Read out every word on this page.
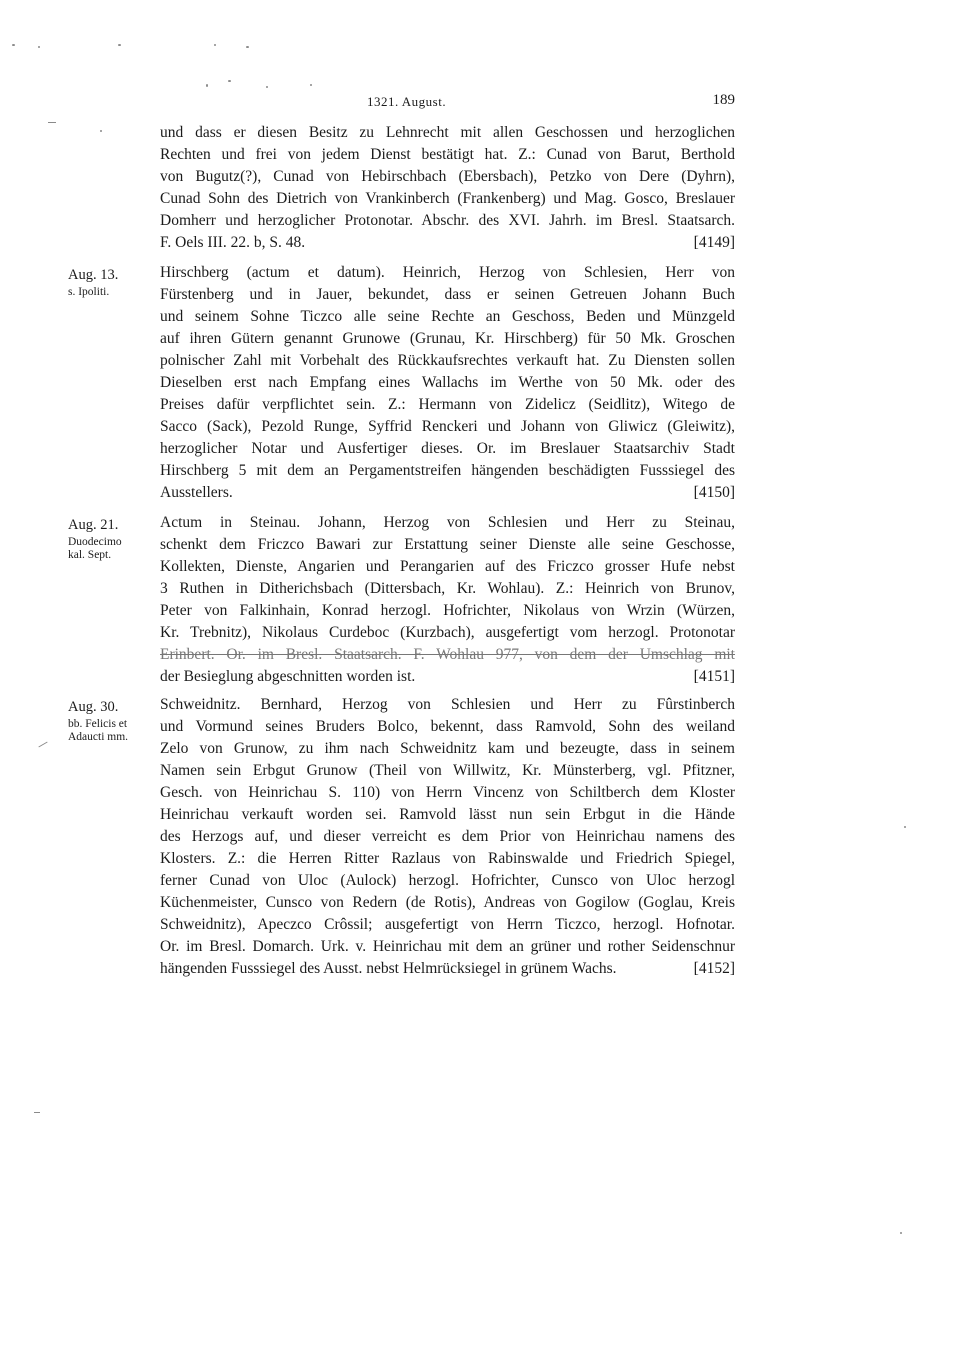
1321. August.	189
und dass er diesen Besitz zu Lehnrecht mit allen Geschossen und herzoglichen
Rechten und frei von jedem Dienst bestätigt hat. Z.: Cunad von Barut, Berthold
von Bugutz(?), Cunad von Hebirschbach (Ebersbach), Petzko von Dere (Dyhrn),
Cunad Sohn des Dietrich von Vrankinberch (Frankenberg) und Mag. Gosco, Breslauer
Domherr und herzoglicher Protonotar. Abschr. des XVI. Jahrh. im Bresl. Staatsarch.
F. Oels III. 22. b, S. 48.	[4149]
Aug. 13.
s. Ipoliti.
Hirschberg (actum et datum). Heinrich, Herzog von Schlesien, Herr von
Fürstenberg und in Jauer, bekundet, dass er seinen Getreuen Johann Buch
und seinem Sohne Ticzco alle seine Rechte an Geschoss, Beden und Münzgeld
auf ihren Gütern genannt Grunowe (Grunau, Kr. Hirschberg) für 50 Mk. Groschen
polnischer Zahl mit Vorbehalt des Rückkaufsrechtes verkauft hat. Zu Diensten sollen
Dieselben erst nach Empfang eines Wallachs im Werthe von 50 Mk. oder des
Preises dafür verpflichtet sein. Z.: Hermann von Zidelicz (Seidlitz), Witego de
Sacco (Sack), Pezold Runge, Syffrid Renckeri und Johann von Gliwicz (Gleiwitz),
herzoglicher Notar und Ausfertiger dieses. Or. im Breslauer Staatsarchiv Stadt
Hirschberg 5 mit dem an Pergamentstreifen hängenden beschädigten Fusssiegel des
Ausstellers.	[4150]
Aug. 21.
Duodecimo
kal. Sept.
Actum in Steinau. Johann, Herzog von Schlesien und Herr zu Steinau,
schenkt dem Friczco Bawari zur Erstattung seiner Dienste alle seine Geschosse,
Kollekten, Dienste, Angarien und Perangarien auf des Friczco grosser Hufe nebst
3 Ruthen in Ditherichsbach (Dittersbach, Kr. Wohlau). Z.: Heinrich von Brunov,
Peter von Falkinhain, Konrad herzogl. Hofrichter, Nikolaus von Wrzin (Würzen,
Kr. Trebnitz), Nikolaus Curdeboc (Kurzbach), ausgefertigt vom herzogl. Protonotar
Erinbert. Or. im Bresl. Staatsarch. F. Wohlau 977, von dem der Umschlag mit
der Besieglung abgeschnitten worden ist.	[4151]
Aug. 30.
bb. Felicis et
Adaucti mm.
Schweidnitz. Bernhard, Herzog von Schlesien und Herr zu Fûrstinberch
und Vormund seines Bruders Bolco, bekennt, dass Ramvold, Sohn des weiland
Zelo von Grunow, zu ihm nach Schweidnitz kam und bezeugte, dass in seinem
Namen sein Erbgut Grunow (Theil von Willwitz, Kr. Münsterberg, vgl. Pfitzner,
Gesch. von Heinrichau S. 110) von Herrn Vincenz von Schiltberch dem Kloster
Heinrichau verkauft worden sei. Ramvold lässt nun sein Erbgut in die Hände
des Herzogs auf, und dieser verreicht es dem Prior von Heinrichau namens des
Klosters. Z.: die Herren Ritter Razlaus von Rabinswalde und Friedrich Spiegel,
ferner Cunad von Uloc (Aulock) herzogl. Hofrichter, Cunsco von Uloc herzogl
Küchenmeister, Cunsco von Redern (de Rotis), Andreas von Gogilow (Goglau, Kreis
Schweidnitz), Apeczco Crôssil; ausgefertigt von Herrn Ticzco, herzogl. Hofnotar.
Or. im Bresl. Domarch. Urk. v. Heinrichau mit dem an grüner und rother Seidenschnur
hängenden Fusssiegel des Ausst. nebst Helmrücksiegel in grünem Wachs.	[4152]
